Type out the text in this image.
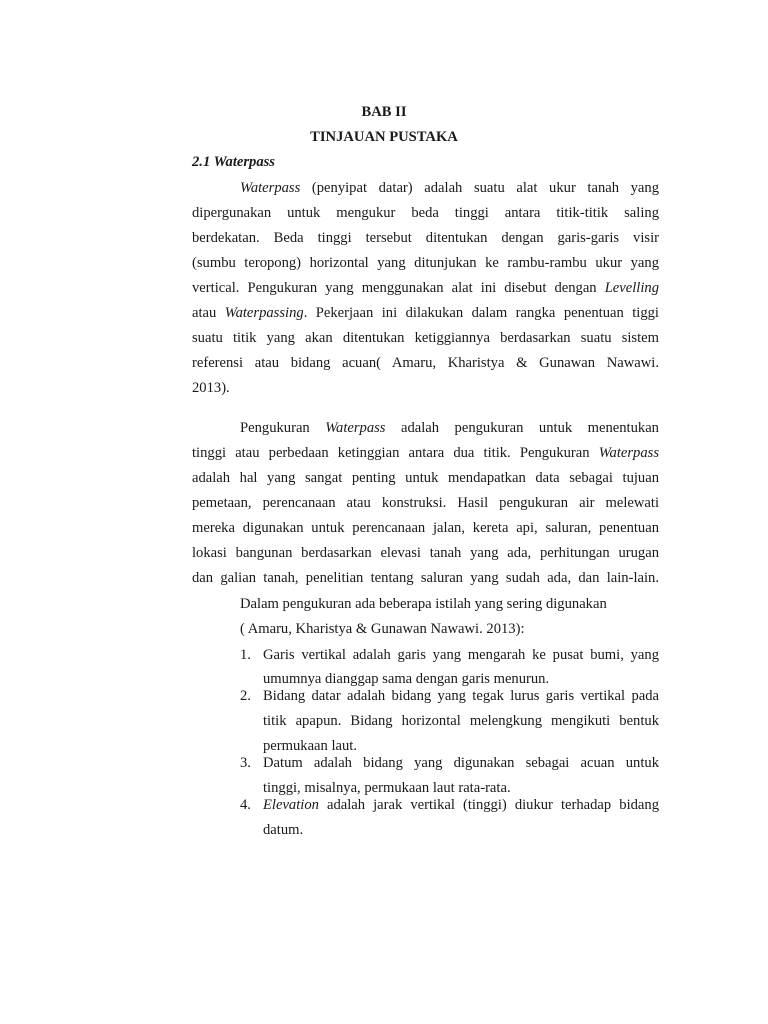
BAB II
TINJAUAN PUSTAKA
2.1 Waterpass
Waterpass (penyipat datar) adalah suatu alat ukur tanah yang
dipergunakan untuk mengukur beda tinggi antara titik-titik saling
berdekatan. Beda tinggi tersebut ditentukan dengan garis-garis visir
(sumbu teropong) horizontal yang ditunjukan ke rambu-rambu ukur yang
vertical. Pengukuran yang menggunakan alat ini disebut dengan Levelling
atau Waterpassing. Pekerjaan ini dilakukan dalam rangka penentuan tiggi
suatu titik yang akan ditentukan ketiggiannya berdasarkan suatu sistem
referensi atau bidang acuan( Amaru, Kharistya & Gunawan Nawawi.
2013).
Pengukuran Waterpass adalah pengukuran untuk menentukan
tinggi atau perbedaan ketinggian antara dua titik. Pengukuran Waterpass
adalah hal yang sangat penting untuk mendapatkan data sebagai tujuan
pemetaan, perencanaan atau konstruksi. Hasil pengukuran air melewati
mereka digunakan untuk perencanaan jalan, kereta api, saluran, penentuan
lokasi bangunan berdasarkan elevasi tanah yang ada, perhitungan urugan
dan galian tanah, penelitian tentang saluran yang sudah ada, dan lain-lain.
Dalam pengukuran ada beberapa istilah yang sering digunakan
( Amaru, Kharistya & Gunawan Nawawi. 2013):
1. Garis vertikal adalah garis yang mengarah ke pusat bumi, yang
umumnya dianggap sama dengan garis menurun.
2. Bidang datar adalah bidang yang tegak lurus garis vertikal pada
titik apapun. Bidang horizontal melengkung mengikuti bentuk
permukaan laut.
3. Datum adalah bidang yang digunakan sebagai acuan untuk
tinggi, misalnya, permukaan laut rata-rata.
4. Elevation adalah jarak vertikal (tinggi) diukur terhadap bidang
datum.
